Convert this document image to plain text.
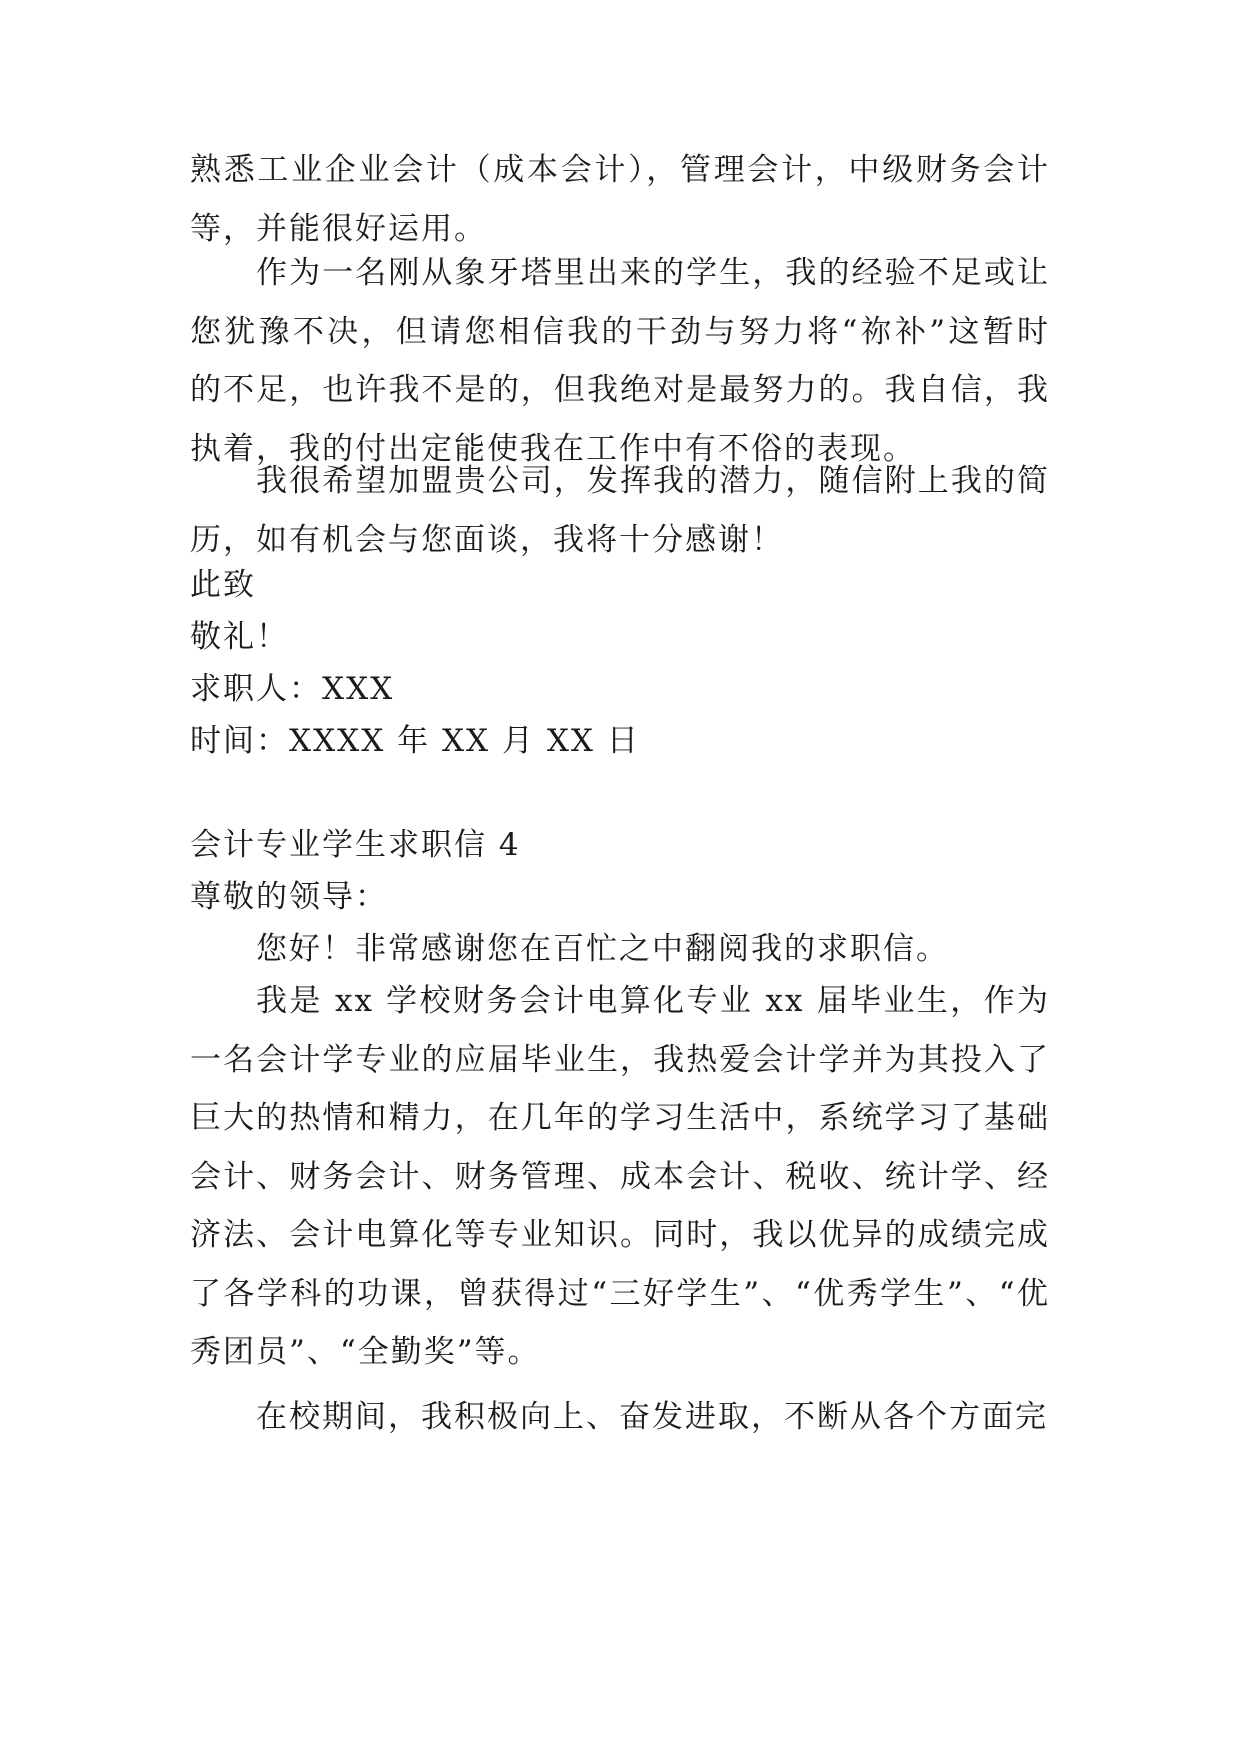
熟悉工业企业会计（成本会计），管理会计，中级财务会计等，并能很好运用。

作为一名刚从象牙塔里出来的学生，我的经验不足或让您犹豫不决，但请您相信我的干劲与努力将“祢补”这暂时的不足，也许我不是的，但我绝对是最努力的。我自信，我执着，我的付出定能使我在工作中有不俗的表现。

我很希望加盟贵公司，发挥我的潜力，随信附上我的简历，如有机会与您面谈，我将十分感谢！

此致

敬礼！

求职人：XXX

时间：XXXX 年 XX 月 XX 日

会计专业学生求职信 4

尊敬的领导：

您好！非常感谢您在百忙之中翻阅我的求职信。

我是 xx 学校财务会计电算化专业 xx 届毕业生，作为一名会计学专业的应届毕业生，我热爱会计学并为其投入了巨大的热情和精力，在几年的学习生活中，系统学习了基础会计、财务会计、财务管理、成本会计、税收、统计学、经济法、会计电算化等专业知识。同时，我以优异的成绩完成了各学科的功课，曾获得过“三好学生”、“优秀学生”、“优秀团员”、“全勤奖”等。

在校期间，我积极向上、奋发进取，不断从各个方面完
